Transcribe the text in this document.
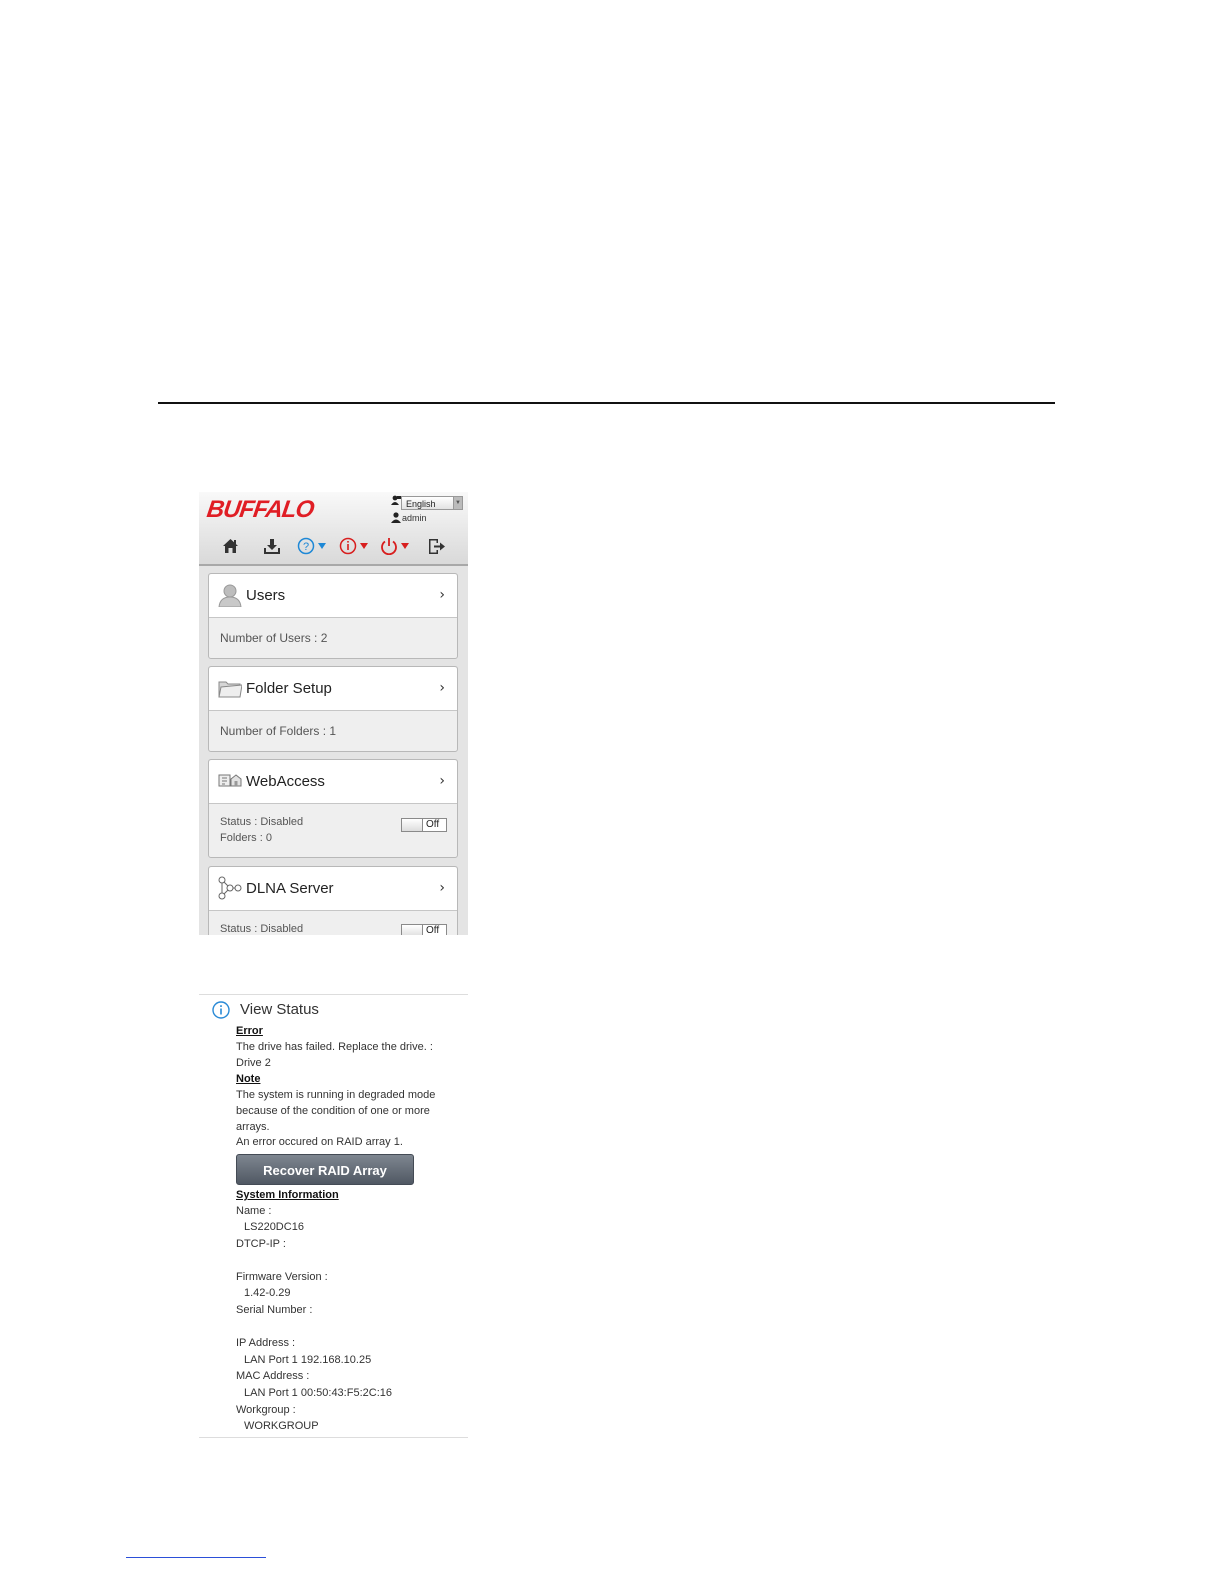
BUFFALO	English	▼
admin
?
Users	›
Number of Users : 2
Folder Setup	›
Number of Folders : 1
WebAccess	›
Status : Disabled
Folders : 0
Off
DLNA Server	›
Status : Disabled	Off
View Status
Error
The drive has failed. Replace the drive. :
Drive 2
Note
The system is running in degraded mode
because of the condition of one or more
arrays.
An error occured on RAID array 1.
Recover RAID Array
System Information
Name :
LS220DC16
DTCP-IP :
Firmware Version :
1.42-0.29
Serial Number :
IP Address :
LAN Port 1 192.168.10.25
MAC Address :
LAN Port 1 00:50:43:F5:2C:16
Workgroup :
WORKGROUP
